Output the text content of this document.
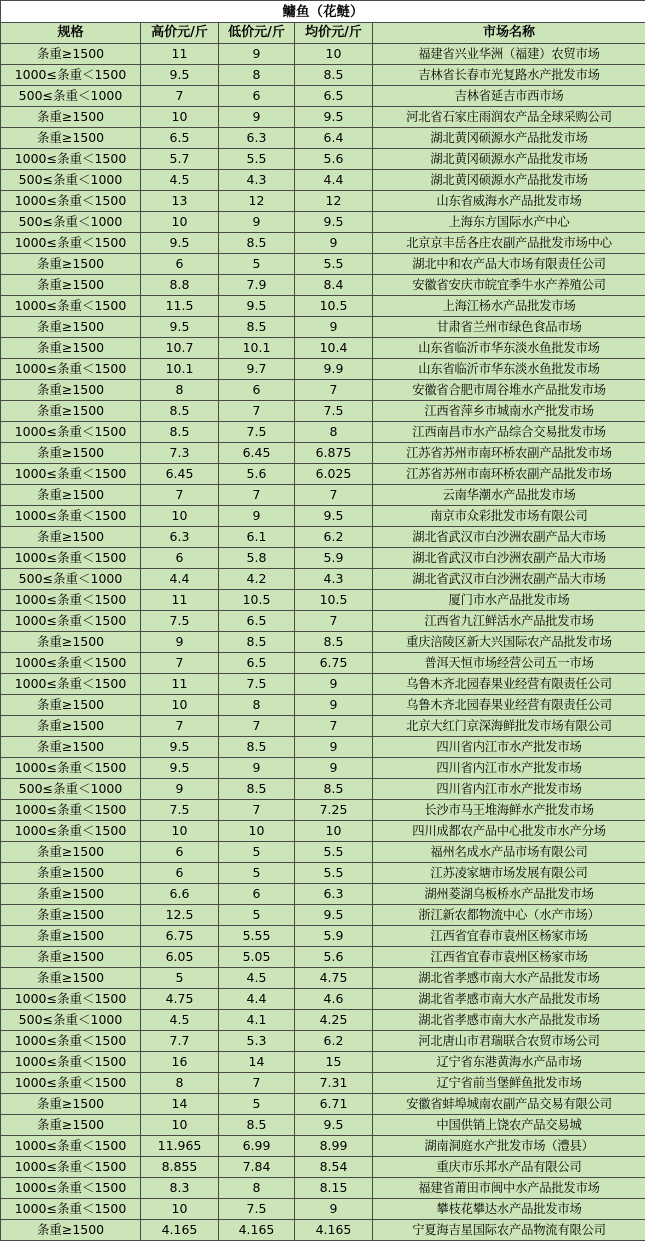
鳙鱼（花鲢）				
规格	高价元/斤	低价元/斤	均价元/斤	市场名称
条重≥1500	11	9	10	福建省兴业华洲（福建）农贸市场
1000≤条重＜1500	9.5	8	8.5	吉林省长春市光复路水产批发市场
500≤条重＜1000	7	6	6.5	吉林省延吉市西市场
条重≥1500	10	9	9.5	河北省石家庄雨润农产品全球采购公司
条重≥1500	6.5	6.3	6.4	湖北黄冈硕源水产品批发市场
1000≤条重＜1500	5.7	5.5	5.6	湖北黄冈硕源水产品批发市场
500≤条重＜1000	4.5	4.3	4.4	湖北黄冈硕源水产品批发市场
1000≤条重＜1500	13	12	12	山东省威海水产品批发市场
500≤条重＜1000	10	9	9.5	上海东方国际水产中心
1000≤条重＜1500	9.5	8.5	9	北京京丰岳各庄农副产品批发市场中心
条重≥1500	6	5	5.5	湖北中和农产品大市场有限责任公司
条重≥1500	8.8	7.9	8.4	安徽省安庆市皖宜季牛水产养殖公司
1000≤条重＜1500	11.5	9.5	10.5	上海江杨水产品批发市场
条重≥1500	9.5	8.5	9	甘肃省兰州市绿色食品市场
条重≥1500	10.7	10.1	10.4	山东省临沂市华东淡水鱼批发市场
1000≤条重＜1500	10.1	9.7	9.9	山东省临沂市华东淡水鱼批发市场
条重≥1500	8	6	7	安徽省合肥市周谷堆水产品批发市场
条重≥1500	8.5	7	7.5	江西省萍乡市城南水产批发市场
1000≤条重＜1500	8.5	7.5	8	江西南昌市水产品综合交易批发市场
条重≥1500	7.3	6.45	6.875	江苏省苏州市南环桥农副产品批发市场
1000≤条重＜1500	6.45	5.6	6.025	江苏省苏州市南环桥农副产品批发市场
条重≥1500	7	7	7	云南华潮水产品批发市场
1000≤条重＜1500	10	9	9.5	南京市众彩批发市场有限公司
条重≥1500	6.3	6.1	6.2	湖北省武汉市白沙洲农副产品大市场
1000≤条重＜1500	6	5.8	5.9	湖北省武汉市白沙洲农副产品大市场
500≤条重＜1000	4.4	4.2	4.3	湖北省武汉市白沙洲农副产品大市场
1000≤条重＜1500	11	10.5	10.5	厦门市水产品批发市场
1000≤条重＜1500	7.5	6.5	7	江西省九江鲜活水产品批发市场
条重≥1500	9	8.5	8.5	重庆涪陵区新大兴国际农产品批发市场
1000≤条重＜1500	7	6.5	6.75	普洱天恒市场经营公司五一市场
1000≤条重＜1500	11	7.5	9	乌鲁木齐北园春果业经营有限责任公司
条重≥1500	10	8	9	乌鲁木齐北园春果业经营有限责任公司
条重≥1500	7	7	7	北京大红门京深海鲜批发市场有限公司
条重≥1500	9.5	8.5	9	四川省内江市水产批发市场
1000≤条重＜1500	9.5	9	9	四川省内江市水产批发市场
500≤条重＜1000	9	8.5	8.5	四川省内江市水产批发市场
1000≤条重＜1500	7.5	7	7.25	长沙市马王堆海鲜水产批发市场
1000≤条重＜1500	10	10	10	四川成都农产品中心批发市水产分场
条重≥1500	6	5	5.5	福州名成水产品市场有限公司
条重≥1500	6	5	5.5	江苏凌家塘市场发展有限公司
条重≥1500	6.6	6	6.3	湖州菱湖乌板桥水产品批发市场
条重≥1500	12.5	5	9.5	浙江新农都物流中心（水产市场）
条重≥1500	6.75	5.55	5.9	江西省宜春市袁州区杨家市场
条重≥1500	6.05	5.05	5.6	江西省宜春市袁州区杨家市场
条重≥1500	5	4.5	4.75	湖北省孝感市南大水产品批发市场
1000≤条重＜1500	4.75	4.4	4.6	湖北省孝感市南大水产品批发市场
500≤条重＜1000	4.5	4.1	4.25	湖北省孝感市南大水产品批发市场
1000≤条重＜1500	7.7	5.3	6.2	河北唐山市君瑞联合农贸市场公司
1000≤条重＜1500	16	14	15	辽宁省东港黄海水产品市场
1000≤条重＜1500	8	7	7.31	辽宁省前当堡鲜鱼批发市场
条重≥1500	14	5	6.71	安徽省蚌埠城南农副产品交易有限公司
条重≥1500	10	8.5	9.5	中国供销上饶农产品交易城
1000≤条重＜1500	11.965	6.99	8.99	湖南洞庭水产批发市场（澧县）
1000≤条重＜1500	8.855	7.84	8.54	重庆市乐邦水产品有限公司
1000≤条重＜1500	8.3	8	8.15	福建省莆田市闽中水产品批发市场
1000≤条重＜1500	10	7.5	9	攀枝花攀达水产品批发市场
条重≥1500	4.165	4.165	4.165	宁夏海吉星国际农产品物流有限公司
